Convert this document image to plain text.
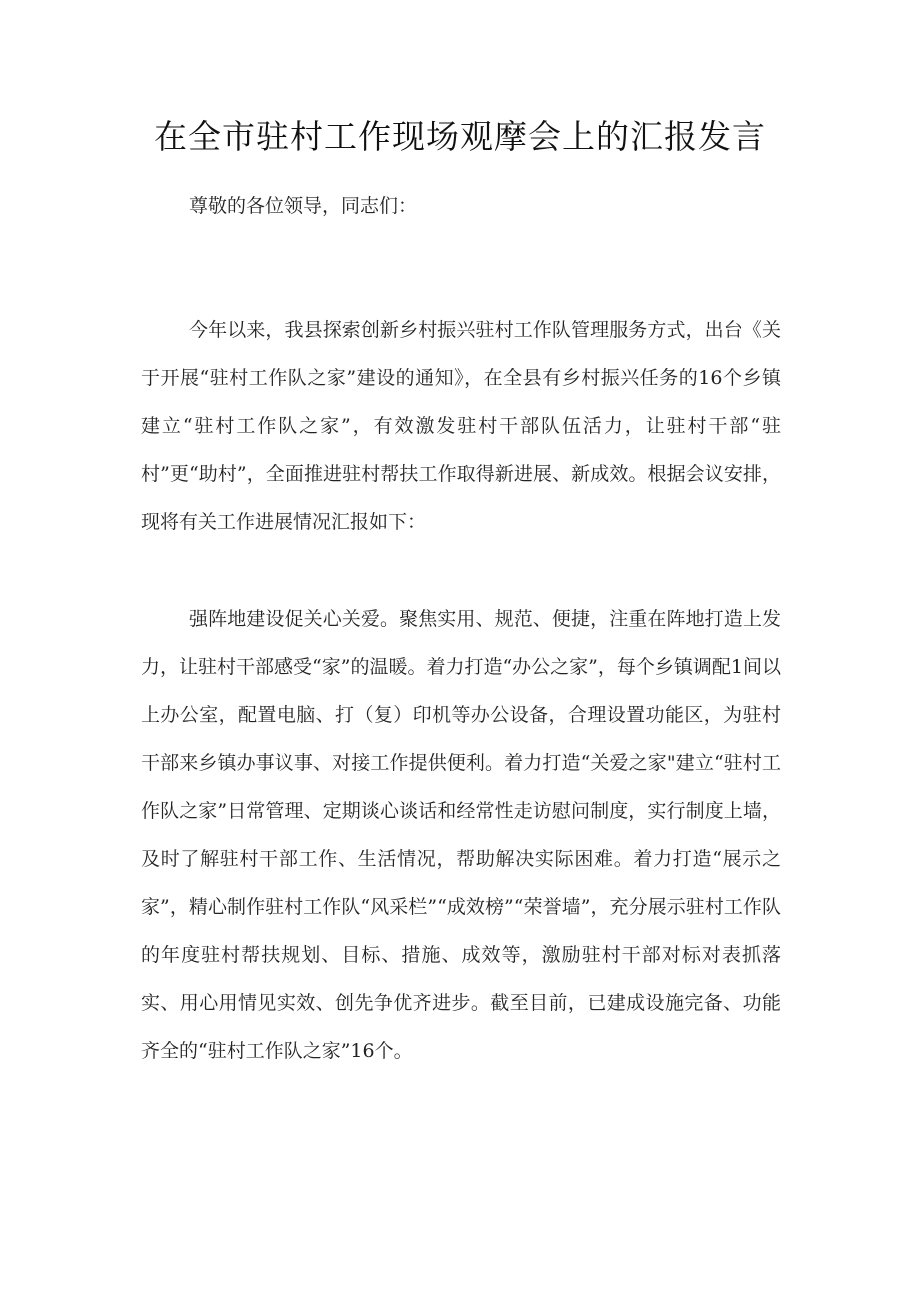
在全市驻村工作现场观摩会上的汇报发言

尊敬的各位领导，同志们：

今年以来，我县探索创新乡村振兴驻村工作队管理服务方式，出台《关于开展“驻村工作队之家”建设的通知》，在全县有乡村振兴任务的16个乡镇建立“驻村工作队之家”，有效激发驻村干部队伍活力，让驻村干部“驻村”更“助村”，全面推进驻村帮扶工作取得新进展、新成效。根据会议安排，现将有关工作进展情况汇报如下：

强阵地建设促关心关爱。聚焦实用、规范、便捷，注重在阵地打造上发力，让驻村干部感受“家”的温暖。着力打造“办公之家”，每个乡镇调配1间以上办公室，配置电脑、打（复）印机等办公设备，合理设置功能区，为驻村干部来乡镇办事议事、对接工作提供便利。着力打造“关爱之家"建立“驻村工作队之家”日常管理、定期谈心谈话和经常性走访慰问制度，实行制度上墙，及时了解驻村干部工作、生活情况，帮助解决实际困难。着力打造“展示之家”，精心制作驻村工作队“风采栏”“成效榜”“荣誉墙”，充分展示驻村工作队的年度驻村帮扶规划、目标、措施、成效等，激励驻村干部对标对表抓落实、用心用情见实效、创先争优齐进步。截至目前，已建成设施完备、功能齐全的“驻村工作队之家”16个。
